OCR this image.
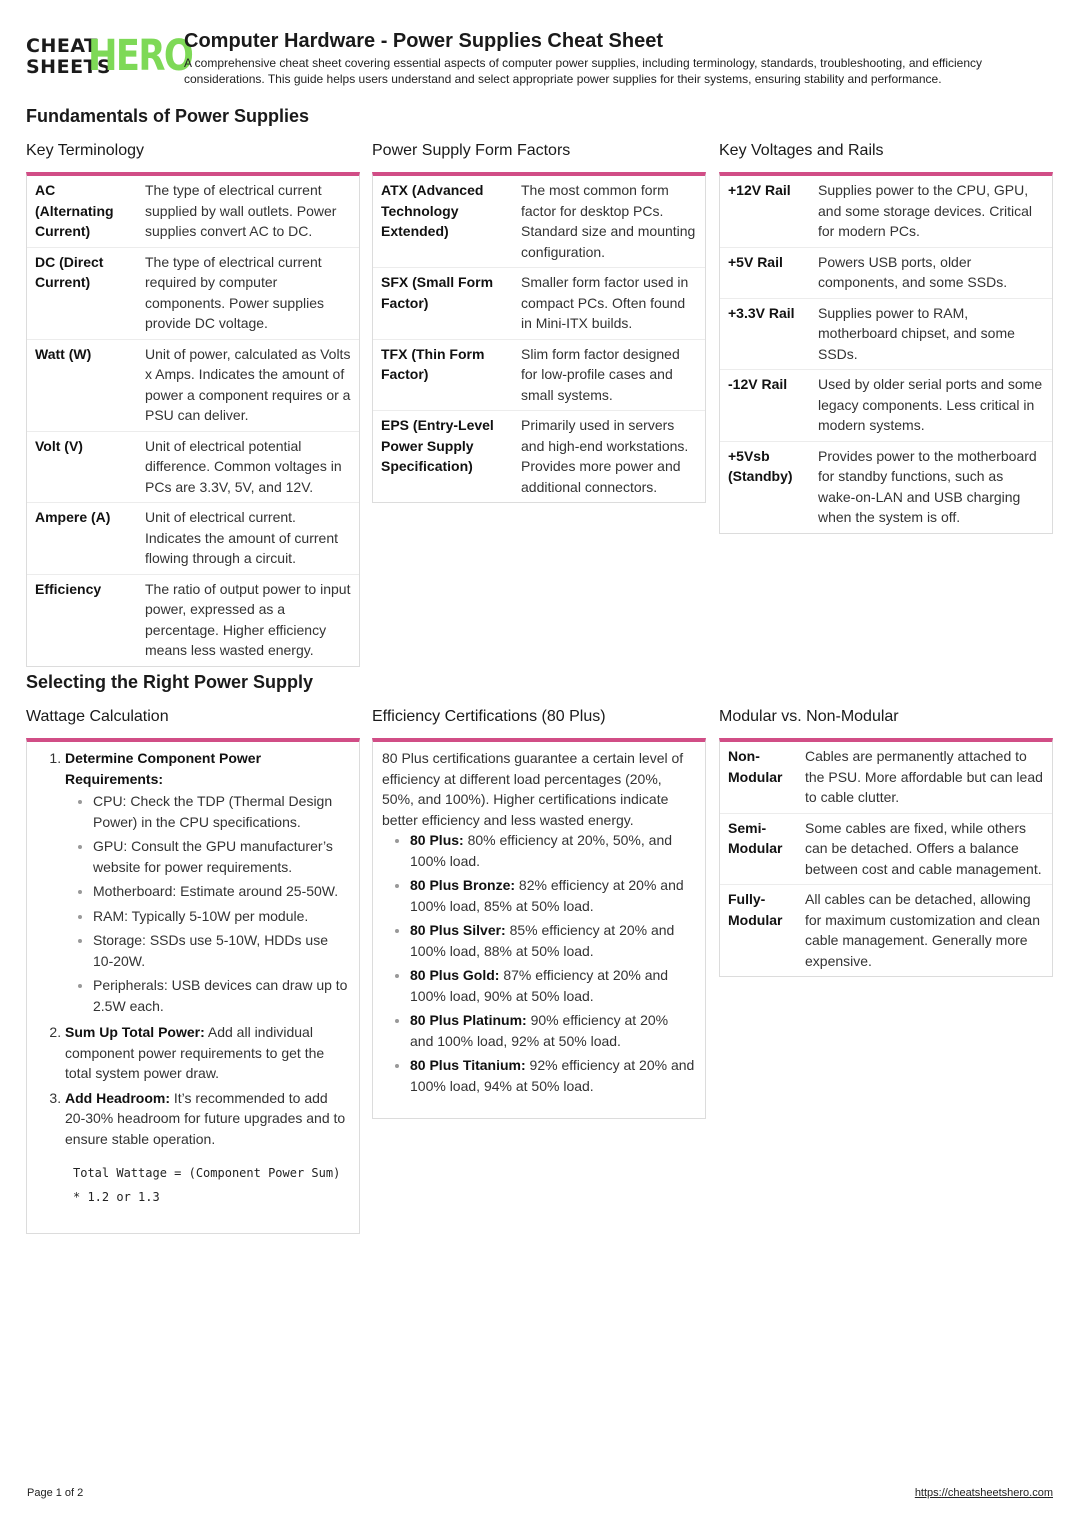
CHEAT
SHEETS
HERO
Computer Hardware - Power Supplies Cheat Sheet
A comprehensive cheat sheet covering essential aspects of computer power supplies, including terminology, standards, troubleshooting, and efficiency considerations. This guide helps users understand and select appropriate power supplies for their systems, ensuring stability and performance.
Fundamentals of Power Supplies
Key Terminology
AC (Alternating Current)	The type of electrical current supplied by wall outlets. Power supplies convert AC to DC.
DC (Direct Current)	The type of electrical current required by computer components. Power supplies provide DC voltage.
Watt (W)	Unit of power, calculated as Volts x Amps. Indicates the amount of power a component requires or a PSU can deliver.
Volt (V)	Unit of electrical potential difference. Common voltages in PCs are 3.3V, 5V, and 12V.
Ampere (A)	Unit of electrical current. Indicates the amount of current flowing through a circuit.
Efficiency	The ratio of output power to input power, expressed as a percentage. Higher efficiency means less wasted energy.
Power Supply Form Factors
ATX (Advanced Technology Extended)	The most common form factor for desktop PCs. Standard size and mounting configuration.
SFX (Small Form Factor)	Smaller form factor used in compact PCs. Often found in Mini-ITX builds.
TFX (Thin Form Factor)	Slim form factor designed for low-profile cases and small systems.
EPS (Entry-Level Power Supply Specification)	Primarily used in servers and high-end workstations. Provides more power and additional connectors.
Key Voltages and Rails
+12V Rail	Supplies power to the CPU, GPU, and some storage devices. Critical for modern PCs.
+5V Rail	Powers USB ports, older components, and some SSDs.
+3.3V Rail	Supplies power to RAM, motherboard chipset, and some SSDs.
-12V Rail	Used by older serial ports and some legacy components. Less critical in modern systems.
+5Vsb (Standby)	Provides power to the motherboard for standby functions, such as wake-on-LAN and USB charging when the system is off.
Selecting the Right Power Supply
Wattage Calculation
1. Determine Component Power Requirements:
• CPU: Check the TDP (Thermal Design Power) in the CPU specifications.
• GPU: Consult the GPU manufacturer’s website for power requirements.
• Motherboard: Estimate around 25-50W.
• RAM: Typically 5-10W per module.
• Storage: SSDs use 5-10W, HDDs use 10-20W.
• Peripherals: USB devices can draw up to 2.5W each.
2. Sum Up Total Power: Add all individual component power requirements to get the total system power draw.
3. Add Headroom: It’s recommended to add 20-30% headroom for future upgrades and to ensure stable operation.
Total Wattage = (Component Power Sum)
* 1.2 or 1.3
Efficiency Certifications (80 Plus)
80 Plus certifications guarantee a certain level of efficiency at different load percentages (20%, 50%, and 100%). Higher certifications indicate better efficiency and less wasted energy.
• 80 Plus: 80% efficiency at 20%, 50%, and 100% load.
• 80 Plus Bronze: 82% efficiency at 20% and 100% load, 85% at 50% load.
• 80 Plus Silver: 85% efficiency at 20% and 100% load, 88% at 50% load.
• 80 Plus Gold: 87% efficiency at 20% and 100% load, 90% at 50% load.
• 80 Plus Platinum: 90% efficiency at 20% and 100% load, 92% at 50% load.
• 80 Plus Titanium: 92% efficiency at 20% and 100% load, 94% at 50% load.
Modular vs. Non-Modular
Non-Modular	Cables are permanently attached to the PSU. More affordable but can lead to cable clutter.
Semi-Modular	Some cables are fixed, while others can be detached. Offers a balance between cost and cable management.
Fully-Modular	All cables can be detached, allowing for maximum customization and clean cable management. Generally more expensive.
Page 1 of 2	https://cheatsheetshero.com
